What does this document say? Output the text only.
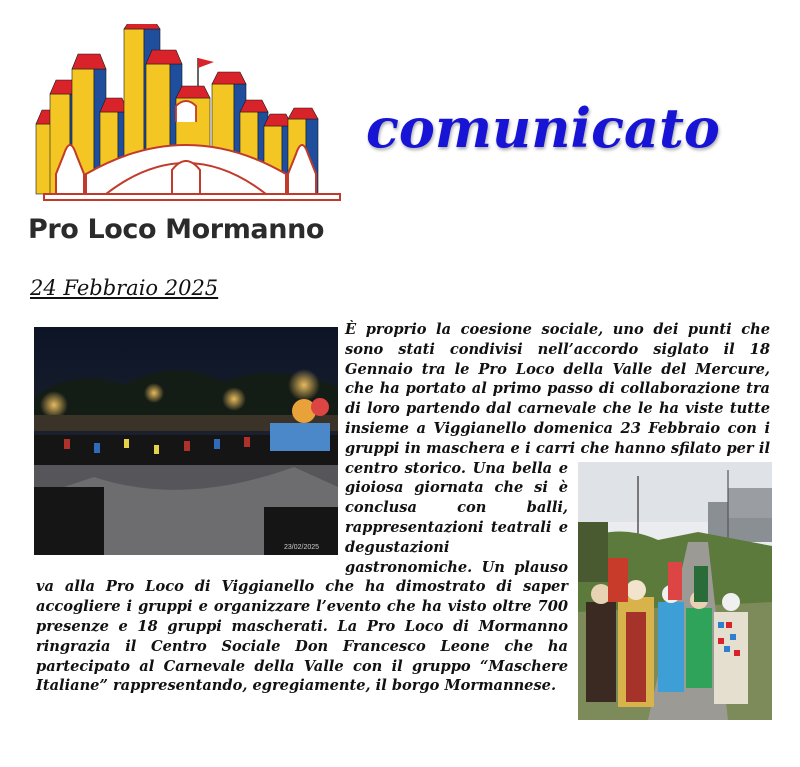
Pro Loco Mormanno
comunicato
24 Febbraio 2025
È proprio la coesione sociale, uno dei punti che sono stati condivisi nell’accordo siglato il 18 Gennaio tra le Pro Loco della Valle del Mercure, che ha portato al primo passo di collaborazione tra di loro partendo dal carnevale che le ha viste tutte insieme a Viggianello domenica 23 Febbraio con i gruppi in maschera e i carri che hanno sfilato per il centro storico. Una bella e gioiosa giornata che si è conclusa con balli, rappresentazioni teatrali e degustazioni gastronomiche. Un plauso va alla Pro Loco di Viggianello che ha dimostrato di saper accogliere i gruppi e organizzare l’evento che ha visto oltre 700 presenze e 18 gruppi mascherati. La Pro Loco di Mormanno ringrazia il Centro Sociale Don Francesco Leone che ha partecipato al Carnevale della Valle con il gruppo “Maschere Italiane” rappresentando, egregiamente, il borgo Mormannese.
23/02/2025
